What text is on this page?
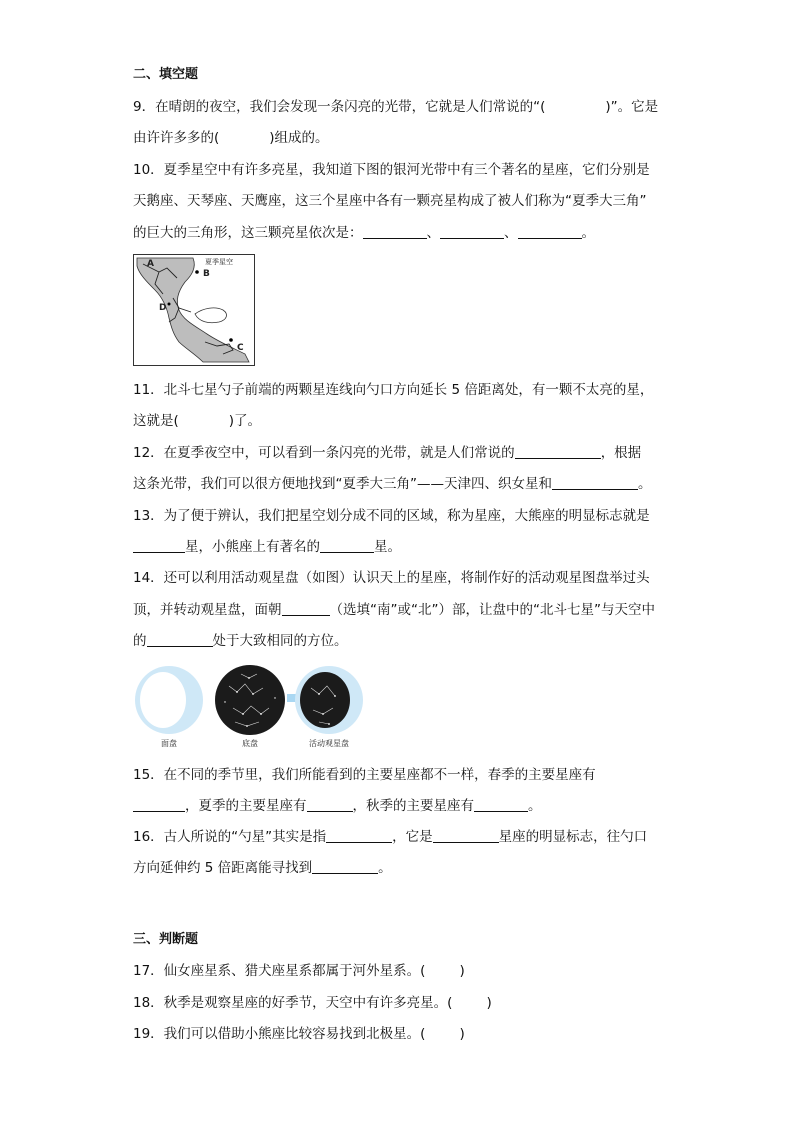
二、填空题
9．在晴朗的夜空，我们会发现一条闪亮的光带，它就是人们常说的“(	)”。它是
由许许多多的(	)组成的。
10．夏季星空中有许多亮星，我知道下图的银河光带中有三个著名的星座，它们分别是
天鹅座、天琴座、天鹰座，这三个星座中各有一颗亮星构成了被人们称为“夏季大三角”
的巨大的三角形，这三颗亮星依次是：	、	、	。
A
B
C
D
夏季星空
11．北斗七星勺子前端的两颗星连线向勺口方向延长 5 倍距离处，有一颗不太亮的星，
这就是(	)了。
12．在夏季夜空中，可以看到一条闪亮的光带，就是人们常说的	，根据
这条光带，我们可以很方便地找到“夏季大三角”——天津四、织女星和	。
13．为了便于辨认，我们把星空划分成不同的区域，称为星座，大熊座的明显标志就是
星，小熊座上有著名的	星。
14．还可以利用活动观星盘（如图）认识天上的星座，将制作好的活动观星图盘举过头
顶，并转动观星盘，面朝	（选填“南”或“北”）部，让盘中的“北斗七星”与天空中
的	处于大致相同的方位。
面盘	底盘	活动观星盘
15．在不同的季节里，我们所能看到的主要星座都不一样，春季的主要星座有
，夏季的主要星座有	，秋季的主要星座有	。
16．古人所说的“勺星”其实是指	，它是	星座的明显标志，往勺口
方向延伸约 5 倍距离能寻找到	。
三、判断题
17．仙女座星系、猎犬座星系都属于河外星系。(	)
18．秋季是观察星座的好季节，天空中有许多亮星。(	)
19．我们可以借助小熊座比较容易找到北极星。(	)
